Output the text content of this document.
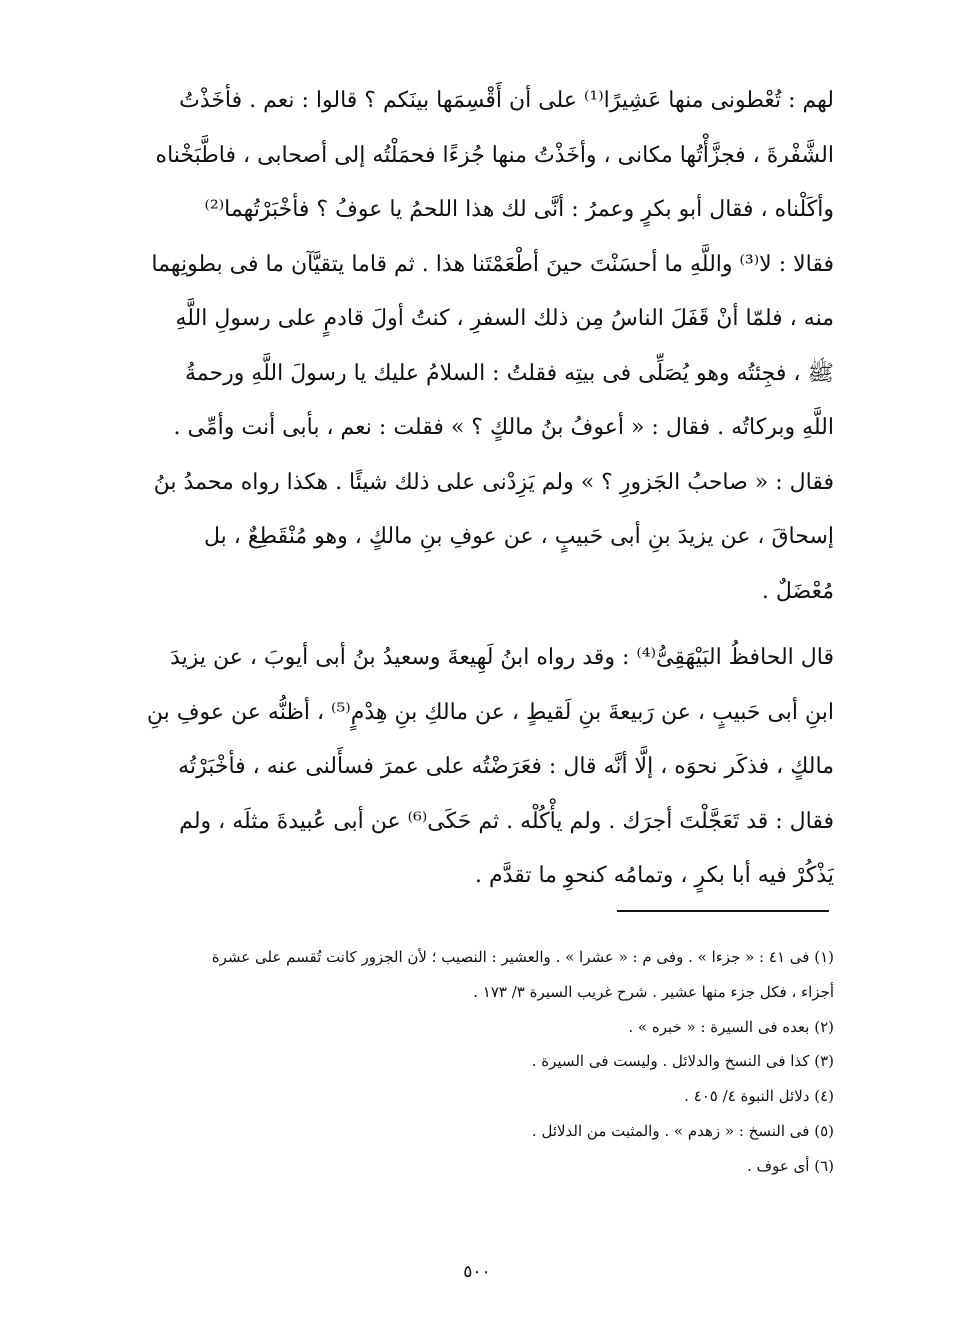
لهم : تُعْطونى منها عَشِيرًا⁽¹⁾ على أن أَقْسِمَها بينَكم ؟ قالوا : نعم . فأخَذْتُ
الشَّفْرةَ ، فجزَّأْتُها مكانى ، وأخَذْتُ منها جُزءًا فحمَلْتُه إلى أصحابى ، فاطَّبَخْناه
وأكَلْناه ، فقال أبو بكرٍ وعمرُ : أنَّى لك هذا اللحمُ يا عوفُ ؟ فأخْبَرْتُهما⁽²⁾
فقالا : لا⁽³⁾ واللَّهِ ما أحسَنْتَ حينَ أطْعَمْتَنا هذا . ثم قاما يتقيَّآن ما فى بطونِهما
منه ، فلمّا أنْ قَفَلَ الناسُ مِن ذلك السفرِ ، كنتُ أولَ قادمٍ على رسولِ اللَّهِ
ﷺ ، فجِئتُه وهو يُصَلِّى فى بيتِه فقلتُ : السلامُ عليك يا رسولَ اللَّهِ ورحمةُ
اللَّهِ وبركاتُه . فقال : « أعوفُ بنُ مالكٍ ؟ » فقلت : نعم ، بأبى أنت وأمِّى .
فقال : « صاحبُ الجَزورِ ؟ » ولم يَزِدْنى على ذلك شيئًا . هكذا رواه محمدُ بنُ
إسحاقَ ، عن يزيدَ بنِ أبى حَبيبٍ ، عن عوفِ بنِ مالكٍ ، وهو مُنْقَطِعٌ ، بل
مُعْضَلٌ .

قال الحافظُ البَيْهَقِىُّ⁽⁴⁾ : وقد رواه ابنُ لَهِيعةَ وسعيدُ بنُ أبى أيوبَ ، عن يزيدَ
ابنِ أبى حَبيبٍ ، عن رَبيعةَ بنِ لَقيطٍ ، عن مالكِ بنِ هِدْمٍ⁽⁵⁾ ، أظنُّه عن عوفِ بنِ
مالكٍ ، فذكَر نحوَه ، إلَّا أنَّه قال : فعَرَضْتُه على عمرَ فسأَلنى عنه ، فأخْبَرْتُه
فقال : قد تَعَجَّلْتَ أجرَك . ولم يأْكُلْه . ثم حَكَى⁽⁶⁾ عن أبى عُبيدةَ مثلَه ، ولم
يَذْكُرْ فيه أبا بكرٍ ، وتمامُه كنحوِ ما تقدَّم .

(١) فى ٤١ : « جزءا » . وفى م : « عشرا » . والعشير : النصيب ؛ لأن الجزور كانت تُقسم على عشرة
أجزاء ، فكل جزء منها عشير . شرح غريب السيرة ٣/ ١٧٣ .
(٢) بعده فى السيرة : « خبره » .
(٣) كذا فى النسخ والدلائل . وليست فى السيرة .
(٤) دلائل النبوة ٤/ ٤٠٥ .
(٥) فى النسخ : « زهدم » . والمثبت من الدلائل .
(٦) أى عوف .
٥٠٠
